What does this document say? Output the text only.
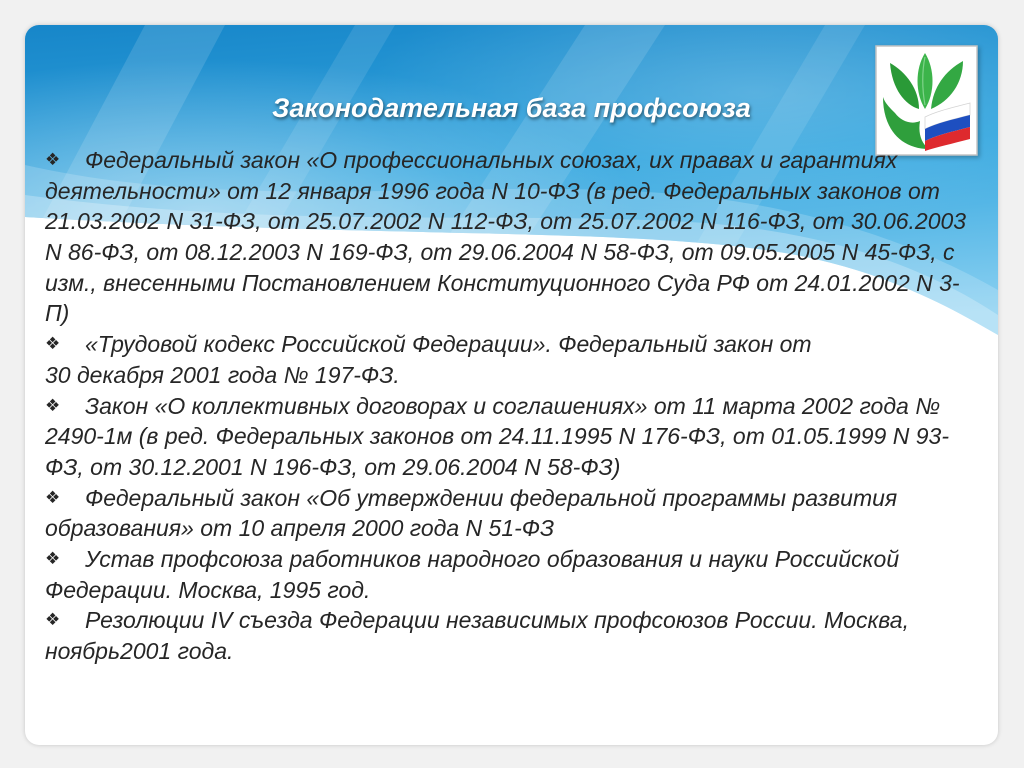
Законодательная база профсоюза
❖ Федеральный закон «О профессиональных союзах, их правах и гарантиях
деятельности» от 12 января 1996 года N 10-ФЗ (в ред. Федеральных законов от
21.03.2002 N 31-ФЗ, от 25.07.2002 N 112-ФЗ, от 25.07.2002 N 116-ФЗ, от 30.06.2003
N 86-ФЗ, от 08.12.2003 N 169-ФЗ, от 29.06.2004 N 58-ФЗ, от 09.05.2005 N 45-ФЗ, с
изм., внесенными Постановлением Конституционного Суда РФ от 24.01.2002 N 3-
П)
❖ «Трудовой кодекс Российской Федерации». Федеральный закон от
30 декабря 2001 года № 197-ФЗ.
❖ Закон «О коллективных договорах и соглашениях» от 11 марта 2002 года №
2490-1м (в ред. Федеральных законов от 24.11.1995 N 176-ФЗ, от 01.05.1999 N 93-
ФЗ, от 30.12.2001 N 196-ФЗ, от 29.06.2004 N 58-ФЗ)
❖ Федеральный закон «Об утверждении федеральной программы развития
образования» от 10 апреля 2000 года N 51-ФЗ
❖ Устав профсоюза работников народного образования и науки Российской
Федерации. Москва, 1995 год.
❖ Резолюции IV съезда Федерации независимых профсоюзов России. Москва,
ноябрь2001 года.
